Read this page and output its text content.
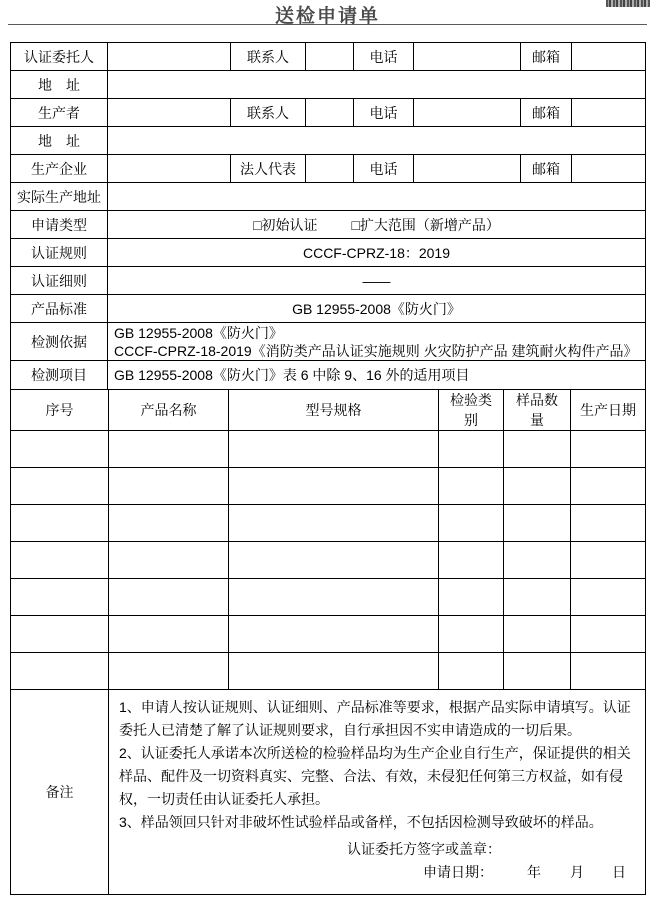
送检申请单
认证委托人		联系人		电话		邮箱	
地　址							
生产者		联系人		电话		邮箱	
地　址							
生产企业		法人代表		电话		邮箱	
实际生产地址							
申请类型	□初始认证 □扩大范围（新增产品）						
认证规则	CCCF-CPRZ-18：2019						
认证细则	——						
产品标准	GB 12955-2008《防火门》						
检测依据	GB 12955-2008《防火门》
CCCF-CPRZ-18-2019《消防类产品认证实施规则 火灾防护产品 建筑耐火构件产品》						

检测项目	GB 12955-2008《防火门》表 6 中除 9、16 外的适用项目						
序号	产品名称	型号规格	检验类别	样品数量	生产日期

备注	
1、申请人按认证规则、认证细则、产品标准等要求，根据产品实际申请填写。认证委托人已清楚了解了认证规则要求，自行承担因不实申请造成的一切后果。
2、认证委托人承诺本次所送检的检验样品均为生产企业自行生产，保证提供的相关样品、配件及一切资料真实、完整、合法、有效，未侵犯任何第三方权益，如有侵权，一切责任由认证委托人承担。
3、样品领回只针对非破坏性试验样品或备样，不包括因检测导致破坏的样品。
认证委托方签字或盖章：
申请日期： 年 月 日
